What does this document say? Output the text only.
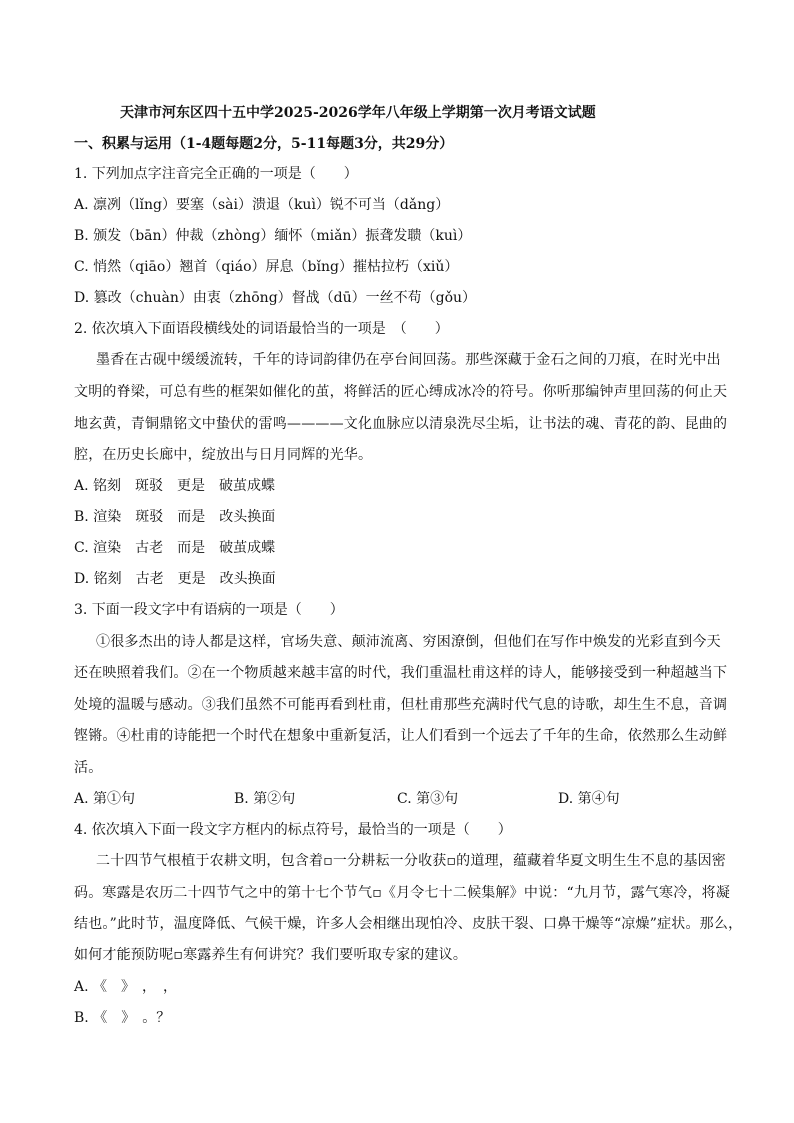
天津市河东区四十五中学2025-2026学年八年级上学期第一次月考语文试题
一、积累与运用（1-4题每题2分，5-11每题3分，共29分）
1. 下列加点字注音完全正确的一项是（　　）
A. 凛冽（lǐng）要塞（sài）溃退（kuì）锐不可当（dǎng）
B. 颁发（bān）仲裁（zhòng）缅怀（miǎn）振聋发聩（kuì）
C. 悄然（qiāo）翘首（qiáo）屏息（bǐng）摧枯拉朽（xiǔ）
D. 篡改（chuàn）由衷（zhōng）督战（dū）一丝不苟（gǒu）
2. 依次填入下面语段横线处的词语最恰当的一项是　（　　）
墨香在古砚中缓缓流转，千年的诗词韵律仍在亭台间回荡。那些深藏于金石之间的刀痕，在时光中出
文明的脊梁，可总有些的框架如催化的茧，将鲜活的匠心缚成冰冷的符号。你听那编钟声里回荡的何止天
地玄黄，青铜鼎铭文中蛰伏的雷鸣————文化血脉应以清泉洗尽尘垢，让书法的魂、青花的韵、昆曲的
腔，在历史长廊中，绽放出与日月同辉的光华。
A. 铭刻　斑驳　更是　破茧成蝶
B. 渲染　斑驳　而是　改头换面
C. 渲染　古老　而是　破茧成蝶
D. 铭刻　古老　更是　改头换面
3. 下面一段文字中有语病的一项是（　　）
①很多杰出的诗人都是这样，官场失意、颠沛流离、穷困潦倒，但他们在写作中焕发的光彩直到今天
还在映照着我们。②在一个物质越来越丰富的时代，我们重温杜甫这样的诗人，能够接受到一种超越当下
处境的温暖与感动。③我们虽然不可能再看到杜甫，但杜甫那些充满时代气息的诗歌，却生生不息，音调
铿锵。④杜甫的诗能把一个时代在想象中重新复活，让人们看到一个远去了千年的生命，依然那么生动鲜
活。
A. 第①句	B. 第②句	C. 第③句	D. 第④句
4. 依次填入下面一段文字方框内的标点符号，最恰当的一项是（　　）
二十四节气根植于农耕文明，包含着▫一分耕耘一分收获▫的道理，蕴藏着华夏文明生生不息的基因密
码。寒露是农历二十四节气之中的第十七个节气▫《月令七十二候集解》中说：“九月节，露气寒冷，将凝
结也。”此时节，温度降低、气候干燥，许多人会相继出现怕冷、皮肤干裂、口鼻干燥等“凉燥”症状。那么，
如何才能预防呢▫寒露养生有何讲究？我们要听取专家的建议。
A. 《　》　，　，
B. 《　》　。？
